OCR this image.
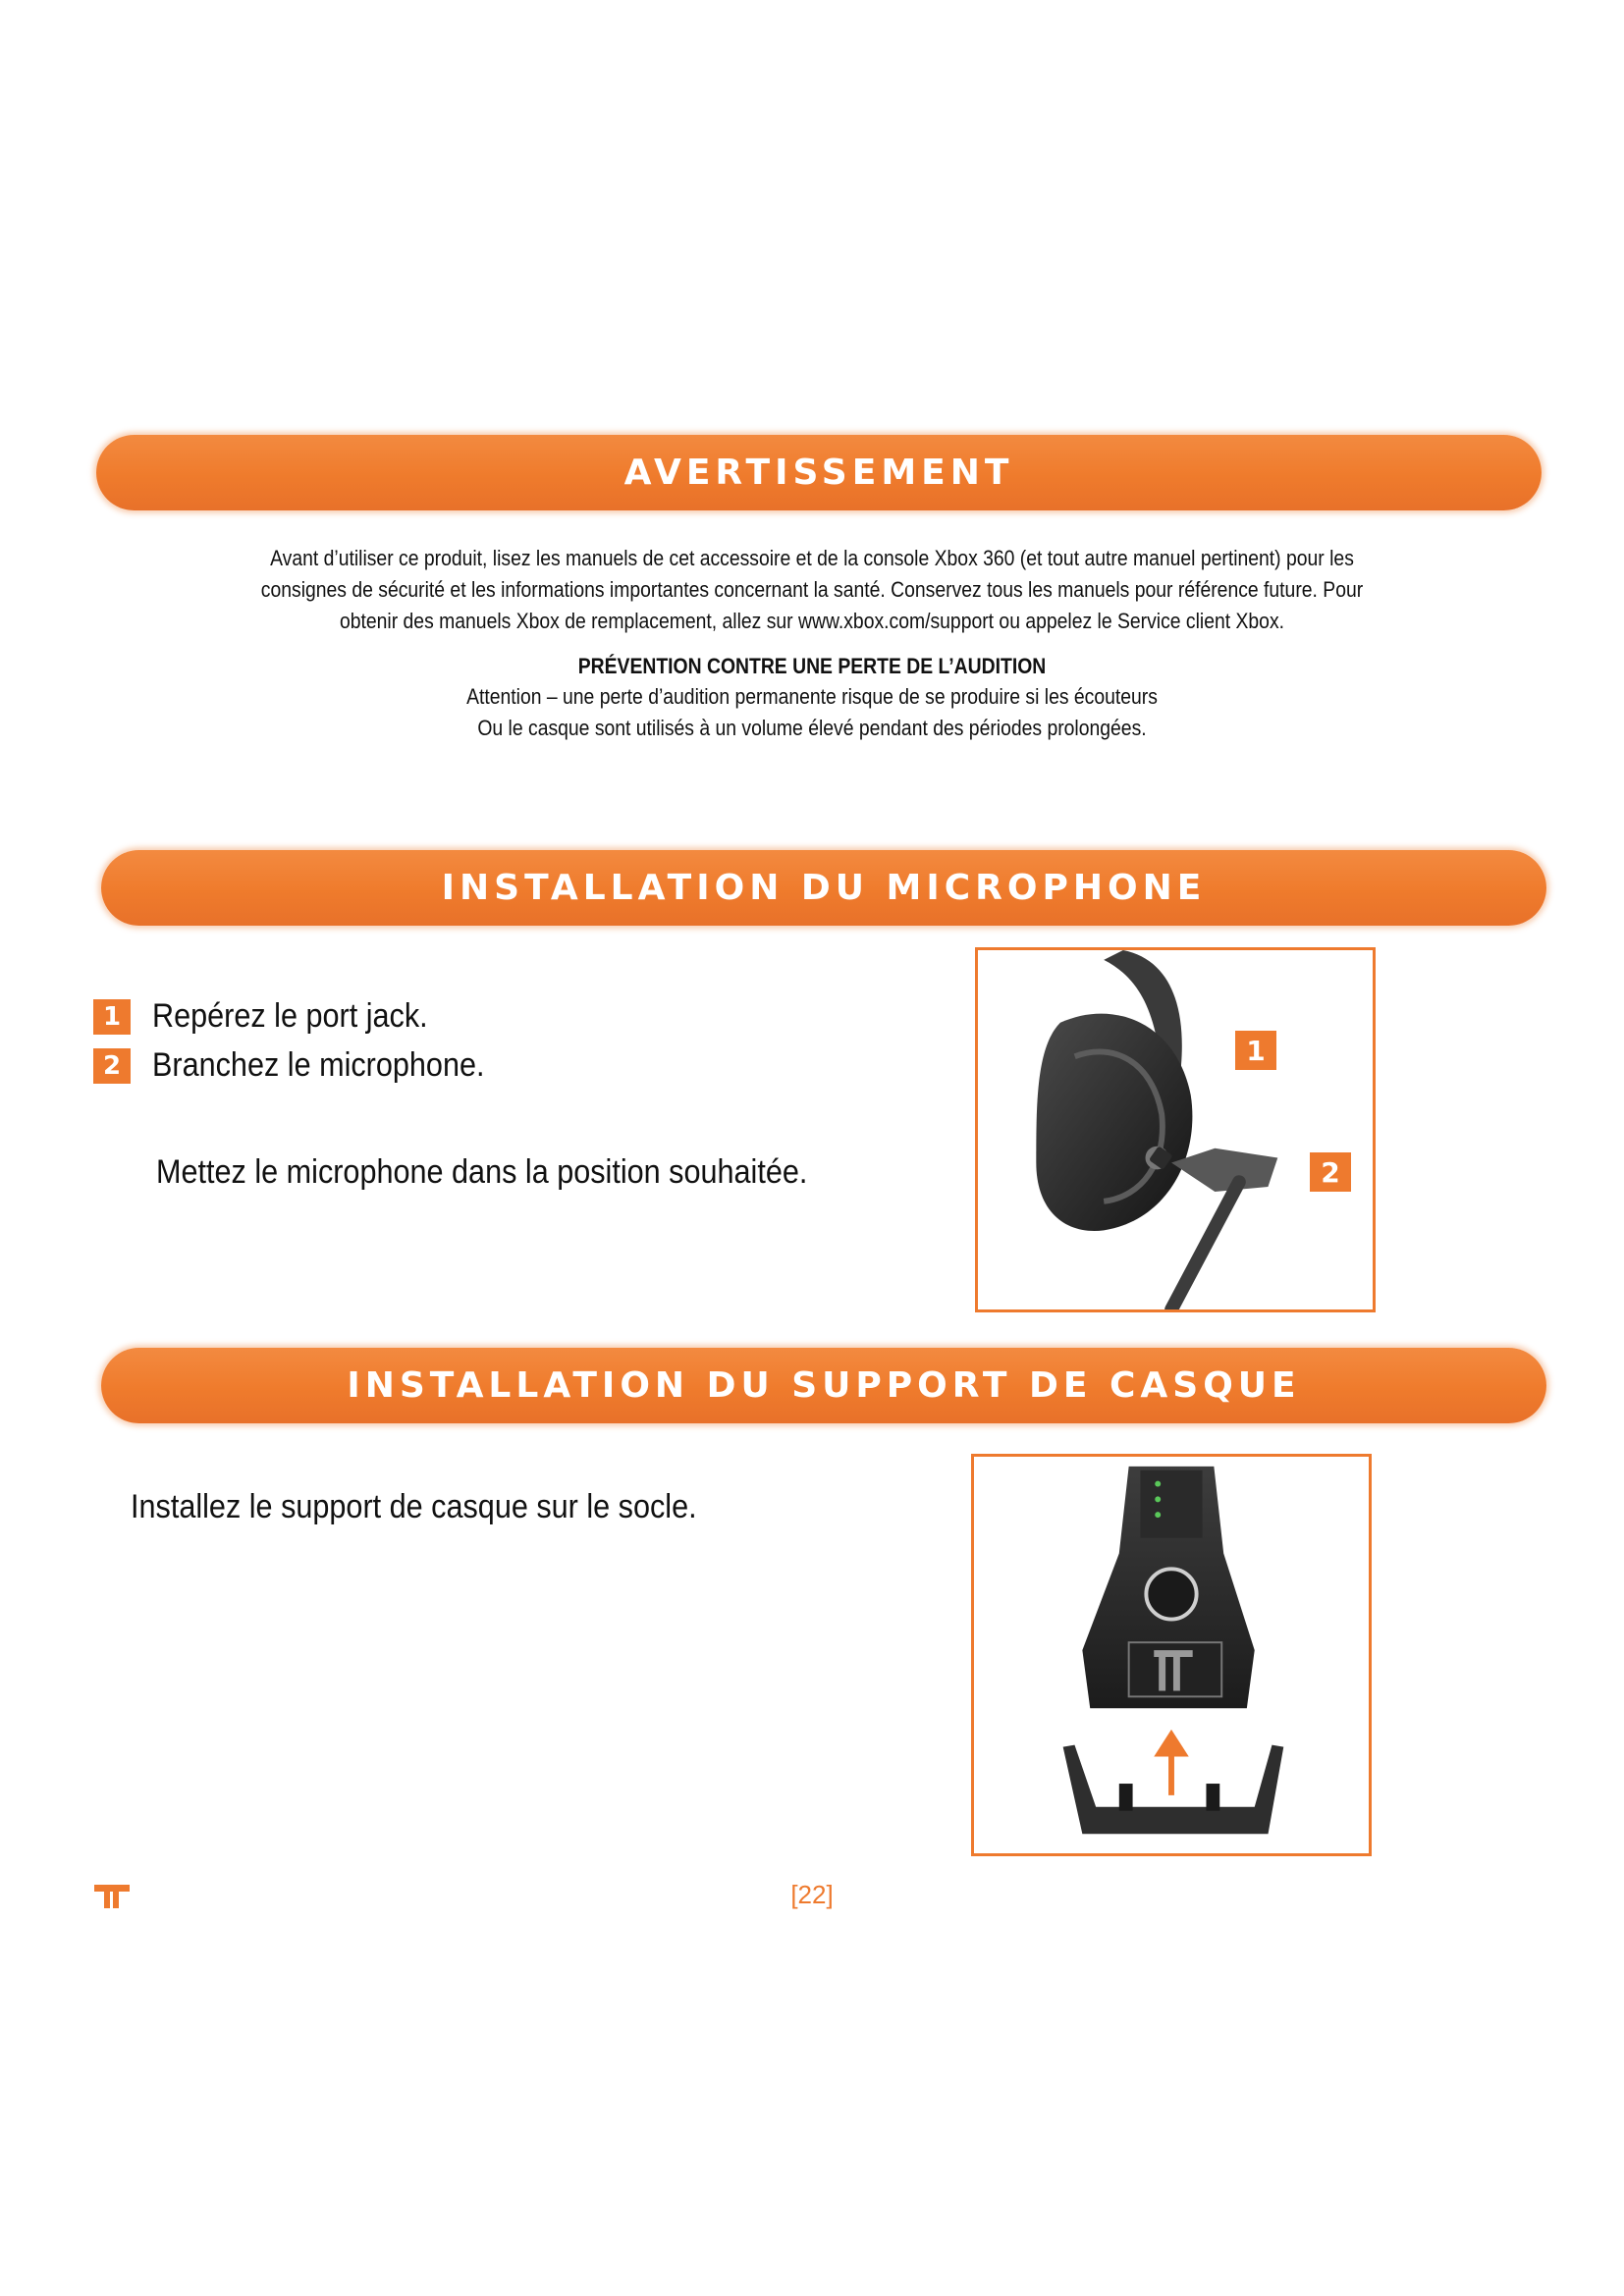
AVERTISSEMENT

Avant d’utiliser ce produit, lisez les manuels de cet accessoire et de la console Xbox 360 (et tout autre manuel pertinent) pour les

consignes de sécurité et les informations importantes concernant la santé. Conservez tous les manuels pour référence future. Pour

obtenir des manuels Xbox de remplacement, allez sur www.xbox.com/support ou appelez le Service client Xbox.

PRÉVENTION CONTRE UNE PERTE DE L’AUDITION

Attention – une perte d’audition permanente risque de se produire si les écouteurs

Ou le casque sont utilisés à un volume élevé pendant des périodes prolongées.

INSTALLATION DU MICROPHONE
1 Repérez le port jack.
2 Branchez le microphone.
Mettez le microphone dans la position souhaitée.
1
2
INSTALLATION DU SUPPORT DE CASQUE
Installez le support de casque sur le socle.
[22]
